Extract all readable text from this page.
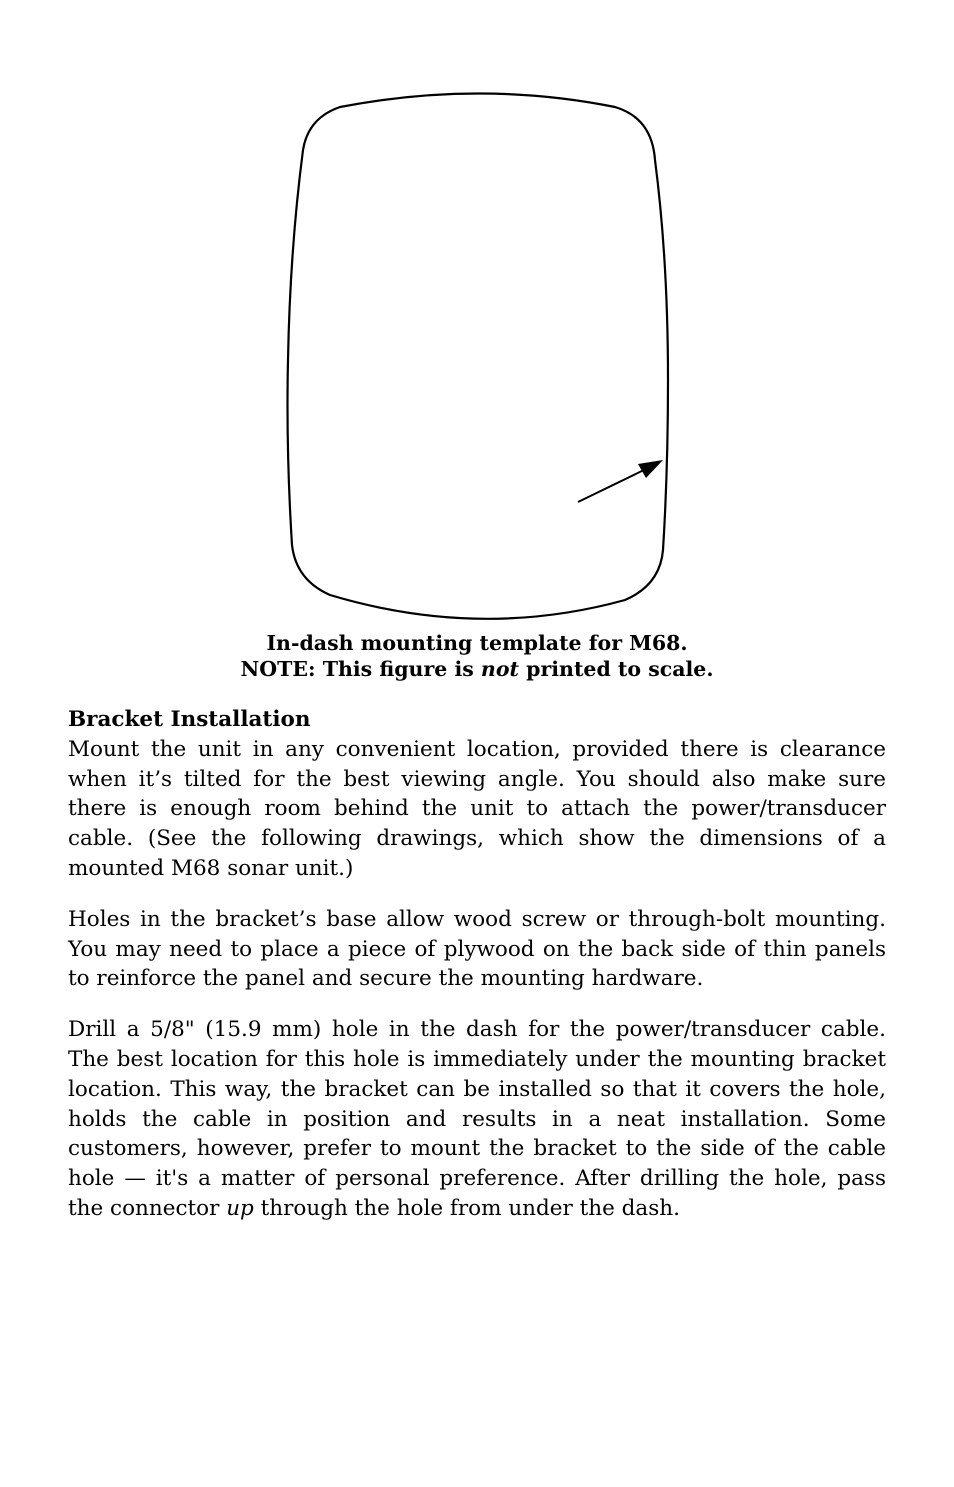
In-dash mounting template for M68.
NOTE: This figure is not printed to scale.
Bracket Installation

Mount the unit in any convenient location, provided there is clearance when it’s tilted for the best viewing angle. You should also make sure there is enough room behind the unit to attach the power/transducer cable. (See the following drawings, which show the dimensions of a mounted M68 sonar unit.)

Holes in the bracket’s base allow wood screw or through-bolt mounting. You may need to place a piece of plywood on the back side of thin panels to reinforce the panel and secure the mounting hardware.

Drill a 5/8" (15.9 mm) hole in the dash for the power/transducer cable. The best location for this hole is immediately under the mounting bracket location. This way, the bracket can be installed so that it covers the hole, holds the cable in position and results in a neat installation. Some customers, however, prefer to mount the bracket to the side of the cable hole — it's a matter of personal preference. After drilling the hole, pass the connector up through the hole from under the dash.
